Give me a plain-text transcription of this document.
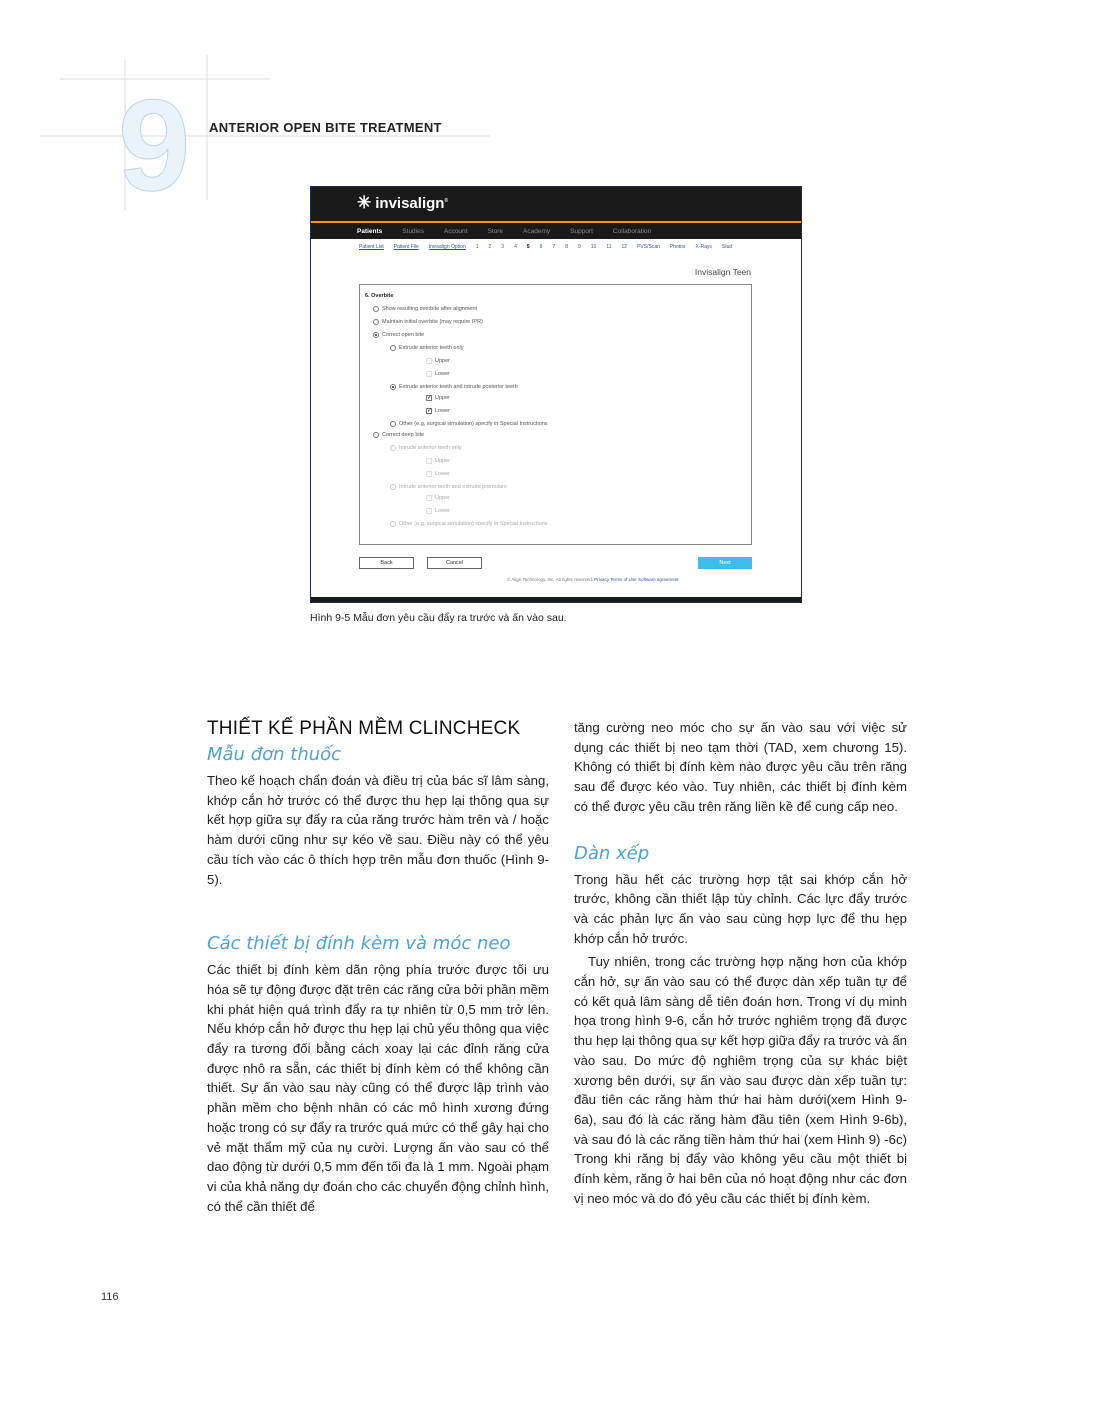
9 ANTERIOR OPEN BITE TREATMENT
✳ invisalign®
Patients	Studies	Account	Store	Academy	Support	Collaboration
Patient List Patient File Invisalign Option 1 2 3 4 5 6 7 8 9 10 11 12 PVS/Scan Photos X-Rays Stud
Invisalign Teen
6. Overbite
Show resulting overbite after alignment
Maintain initial overbite (may require IPR)
Correct open bite
Extrude anterior teeth only
Upper
Lower
Extrude anterior teeth and intrude posterior teeth
✓ Upper
✓ Lower
Other (e.g. surgical simulation) specify in Special Instructions
Correct deep bite
Intrude anterior teeth only
Upper
Lower
Intrude anterior teeth and extrude premolars
Upper
Lower
Other (e.g. surgical simulation) specify in Special Instructions
Back	Cancel	Next
© Align Technology, Inc. All rights reserved. Privacy Terms of Use Software agreement
Hình 9-5 Mẫu đơn yêu cầu đẩy ra trước và ấn vào sau.
THIẾT KẾ PHẦN MỀM CLINCHECK
Mẫu đơn thuốc

Theo kế hoạch chẩn đoán và điều trị của bác sĩ lâm sàng, khớp cắn hở trước có thể được thu hẹp lại thông qua sự kết hợp giữa sự đẩy ra của răng trước hàm trên và / hoặc hàm dưới cũng như sự kéo về sau. Điều này có thể yêu cầu tích vào các ô thích hợp trên mẫu đơn thuốc (Hình 9-5).

Các thiết bị đính kèm và móc neo

Các thiết bị đính kèm dãn rộng phía trước được tối ưu hóa sẽ tự động được đặt trên các răng cửa bởi phần mềm khi phát hiện quá trình đẩy ra tự nhiên từ 0,5 mm trở lên. Nếu khớp cắn hở được thu hẹp lại chủ yếu thông qua việc đẩy ra tương đối bằng cách xoay lại các đỉnh răng cửa được nhô ra sẵn, các thiết bị đính kèm có thể không cần thiết. Sự ấn vào sau này cũng có thể được lập trình vào phần mềm cho bệnh nhân có các mô hình xương đứng hoặc trong có sự đẩy ra trước quá mức có thể gây hại cho vẻ mặt thẩm mỹ của nụ cười. Lượng ấn vào sau có thể dao động từ dưới 0,5 mm đến tối đa là 1 mm. Ngoài phạm vi của khả năng dự đoán cho các chuyển động chỉnh hình, có thể cần thiết để

tăng cường neo móc cho sự ấn vào sau với việc sử dụng các thiết bị neo tạm thời (TAD, xem chương 15). Không có thiết bị đính kèm nào được yêu cầu trên răng sau để được kéo vào. Tuy nhiên, các thiết bị đính kèm có thể được yêu cầu trên răng liền kề để cung cấp neo.

Dàn xếp

Trong hầu hết các trường hợp tật sai khớp cắn hở trước, không cần thiết lập tùy chỉnh. Các lực đẩy trước và các phản lực ấn vào sau cùng hợp lực để thu hẹp khớp cắn hở trước.

Tuy nhiên, trong các trường hợp nặng hơn của khớp cắn hở, sự ấn vào sau có thể được dàn xếp tuần tự để có kết quả lâm sàng dễ tiên đoán hơn. Trong ví dụ minh họa trong hình 9-6, cắn hở trước nghiêm trọng đã được thu hẹp lại thông qua sự kết hợp giữa đẩy ra trước và ấn vào sau. Do mức độ nghiêm trọng của sự khác biệt xương bên dưới, sự ấn vào sau được dàn xếp tuần tự: đầu tiên các răng hàm thứ hai hàm dưới(xem Hình 9-6a), sau đó là các răng hàm đầu tiên (xem Hình 9-6b), và sau đó là các răng tiền hàm thứ hai (xem Hình 9) -6c) Trong khi răng bị đẩy vào không yêu cầu một thiết bị đính kèm, răng ở hai bên của nó hoạt động như các đơn vị neo móc và do đó yêu cầu các thiết bị đính kèm.

116
